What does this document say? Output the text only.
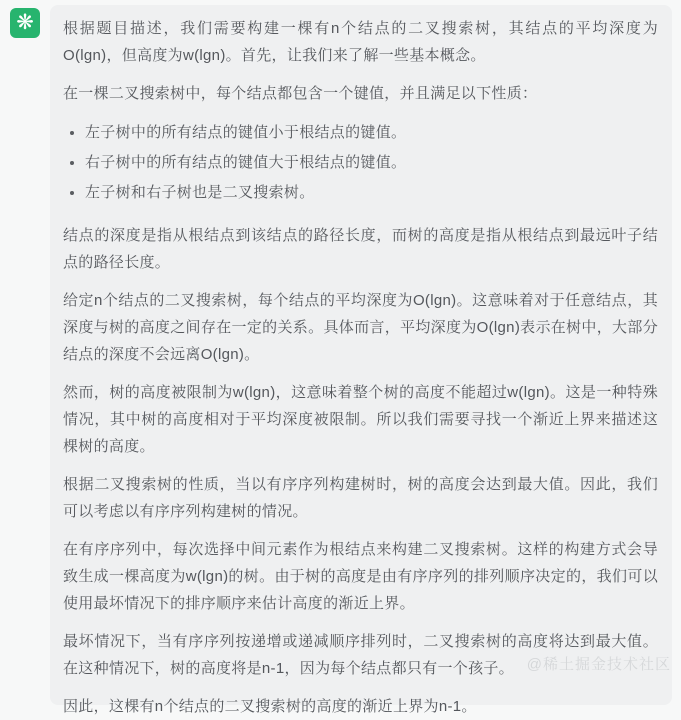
❋ 根据题目描述，我们需要构建一棵有n个结点的二叉搜索树，其结点的平均深度为O(lgn)，但高度为w(lgn)。首先，让我们来了解一些基本概念。

在一棵二叉搜索树中，每个结点都包含一个键值，并且满足以下性质：

左子树中的所有结点的键值小于根结点的键值。
右子树中的所有结点的键值大于根结点的键值。
左子树和右子树也是二叉搜索树。

结点的深度是指从根结点到该结点的路径长度，而树的高度是指从根结点到最远叶子结点的路径长度。

给定n个结点的二叉搜索树，每个结点的平均深度为O(lgn)。这意味着对于任意结点，其深度与树的高度之间存在一定的关系。具体而言，平均深度为O(lgn)表示在树中，大部分结点的深度不会远离O(lgn)。

然而，树的高度被限制为w(lgn)，这意味着整个树的高度不能超过w(lgn)。这是一种特殊情况，其中树的高度相对于平均深度被限制。所以我们需要寻找一个渐近上界来描述这棵树的高度。

根据二叉搜索树的性质，当以有序序列构建树时，树的高度会达到最大值。因此，我们可以考虑以有序序列构建树的情况。

在有序序列中，每次选择中间元素作为根结点来构建二叉搜索树。这样的构建方式会导致生成一棵高度为w(lgn)的树。由于树的高度是由有序序列的排列顺序决定的，我们可以使用最坏情况下的排序顺序来估计高度的渐近上界。

最坏情况下，当有序序列按递增或递减顺序排列时，二叉搜索树的高度将达到最大值。在这种情况下，树的高度将是n-1，因为每个结点都只有一个孩子。

因此，这棵有n个结点的二叉搜索树的高度的渐近上界为n-1。

@稀土掘金技术社区
